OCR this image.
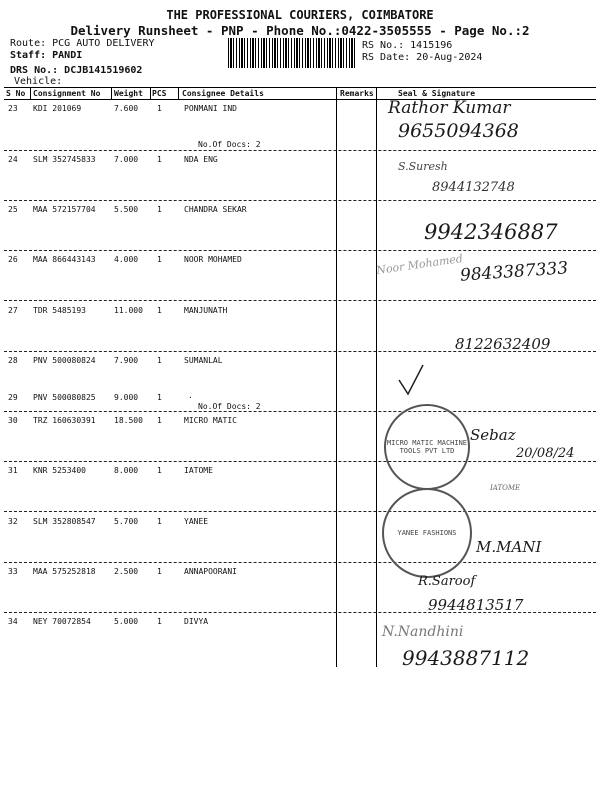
THE PROFESSIONAL COURIERS, COIMBATORE
Delivery Runsheet - PNP - Phone No.:0422-3505555 - Page No.:2
Route: PCG AUTO DELIVERY
Staff: PANDI
DRS No.: DCJB141519602
Vehicle:
RS No.: 1415196
RS Date: 20-Aug-2024
S No Consignment No Weight PCS Consignee Details	Remarks	Seal & Signature
23 KDI 201069	7.600 1	PONMANI IND
No.Of Docs: 2
24 SLM 352745833 7.000 1	NDA ENG
25 MAA 572157704 5.500 1	CHANDRA SEKAR
26 MAA 866443143 4.000 1	NOOR MOHAMED
27 TDR 5485193	11.000 1	MANJUNATH
28 PNV 500080824 7.900 1	SUMANLAL
29 PNV 500080825 9.000 1	.
No.Of Docs: 2
30 TRZ 160630391 18.500 1	MICRO MATIC
31 KNR 5253400	8.000 1	IATOME
32 SLM 352808547 5.700 1	YANEE
33 MAA 575252818 2.500 1	ANNAPOORANI
34 NEY 70072854	5.000 1	DIVYA
Rathor Kumar
9655094368
S.Suresh
8944132748
9942346887
Noor Mohamed
9843387333
8122632409
MICRO MATIC MACHINE TOOLS PVT LTD
Sebaz
20/08/24
IATOME
YANEE FASHIONS
M.MANI
R.Saroof
9944813517
N.Nandhini
9943887112
